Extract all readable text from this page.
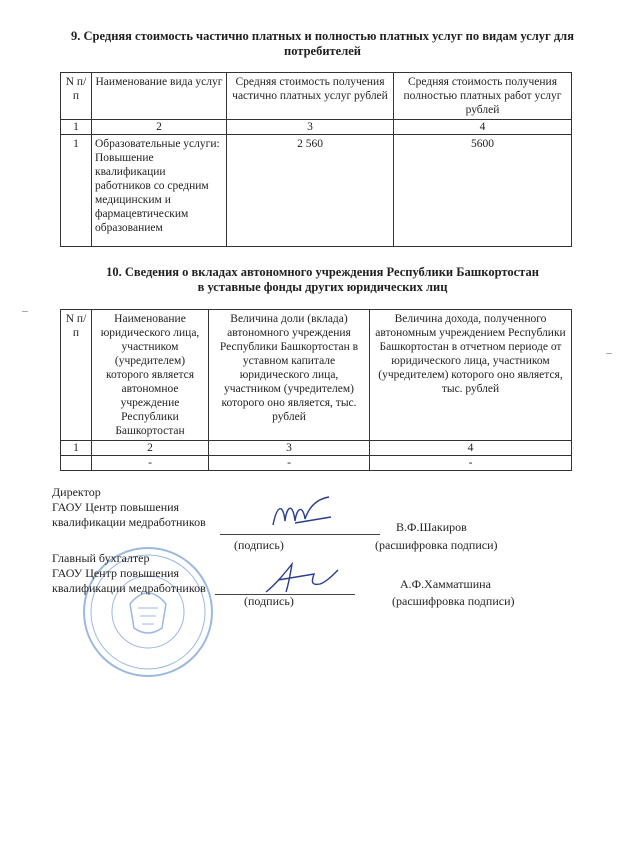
9. Средняя стоимость частично платных и полностью платных услуг по видам услуг для
потребителей
N п/п	Наименование вида услуг	Средняя стоимость получения частично платных услуг рублей	Средняя стоимость получения полностью платных работ услуг рублей
1	2	3	4
1	Образовательные услуги: Повышение квалификации работников со средним медицинским и фармацевтическим образованием	2 560	5600
10. Сведения о вкладах автономного учреждения Республики Башкортостан
в уставные фонды других юридических лиц
N п/п	Наименование юридического лица, участником (учредителем) которого является автономное учреждение Республики Башкортостан	Величина доли (вклада) автономного учреждения Республики Башкортостан в уставном капитале юридического лица, участником (учредителем) которого оно является, тыс. рублей	Величина дохода, полученного автономным учреждением Республики Башкортостан в отчетном периоде от юридического лица, участником (учредителем) которого оно является, тыс. рублей
1	2	3	4
	-	-	-
Директор
ГАОУ Центр повышения
квалификации медработников	В.Ф.Шакиров
(подпись)	(расшифровка подписи)
Главный бухгалтер
ГАОУ Центр повышения
квалификации медработников	А.Ф.Хамматшина
(подпись)	(расшифровка подписи)
